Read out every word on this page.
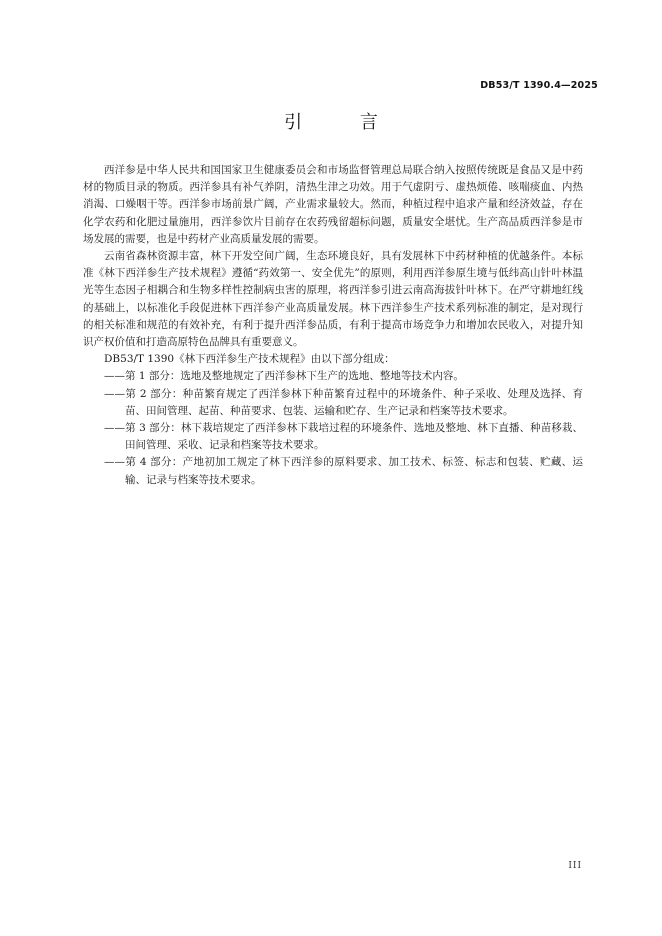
DB53/T 1390.4—2025
引 言

西洋参是中华人民共和国国家卫生健康委员会和市场监督管理总局联合纳入按照传统既是食品又是中药材的物质目录的物质。西洋参具有补气养阴，清热生津之功效。用于气虚阴亏、虚热烦倦、咳喘痰血、内热消渴、口燥咽干等。西洋参市场前景广阔，产业需求量较大。然而，种植过程中追求产量和经济效益，存在化学农药和化肥过量施用，西洋参饮片目前存在农药残留超标问题，质量安全堪忧。生产高品质西洋参是市场发展的需要，也是中药材产业高质量发展的需要。

云南省森林资源丰富，林下开发空间广阔，生态环境良好，具有发展林下中药材种植的优越条件。本标准《林下西洋参生产技术规程》遵循“药效第一、安全优先”的原则，利用西洋参原生境与低纬高山针叶林温光等生态因子相耦合和生物多样性控制病虫害的原理，将西洋参引进云南高海拔针叶林下。在严守耕地红线的基础上，以标准化手段促进林下西洋参产业高质量发展。林下西洋参生产技术系列标准的制定，是对现行的相关标准和规范的有效补充，有利于提升西洋参品质，有利于提高市场竞争力和增加农民收入，对提升知识产权价值和打造高原特色品牌具有重要意义。

DB53/T 1390《林下西洋参生产技术规程》由以下部分组成：

——第 1 部分：选地及整地规定了西洋参林下生产的选地、整地等技术内容。

——第 2 部分：种苗繁育规定了西洋参林下种苗繁育过程中的环境条件、种子采收、处理及选择、育苗、田间管理、起苗、种苗要求、包装、运输和贮存、生产记录和档案等技术要求。

——第 3 部分：林下栽培规定了西洋参林下栽培过程的环境条件、选地及整地、林下直播、种苗移栽、田间管理、采收、记录和档案等技术要求。

——第 4 部分：产地初加工规定了林下西洋参的原料要求、加工技术、标签、标志和包装、贮藏、运输、记录与档案等技术要求。

III
